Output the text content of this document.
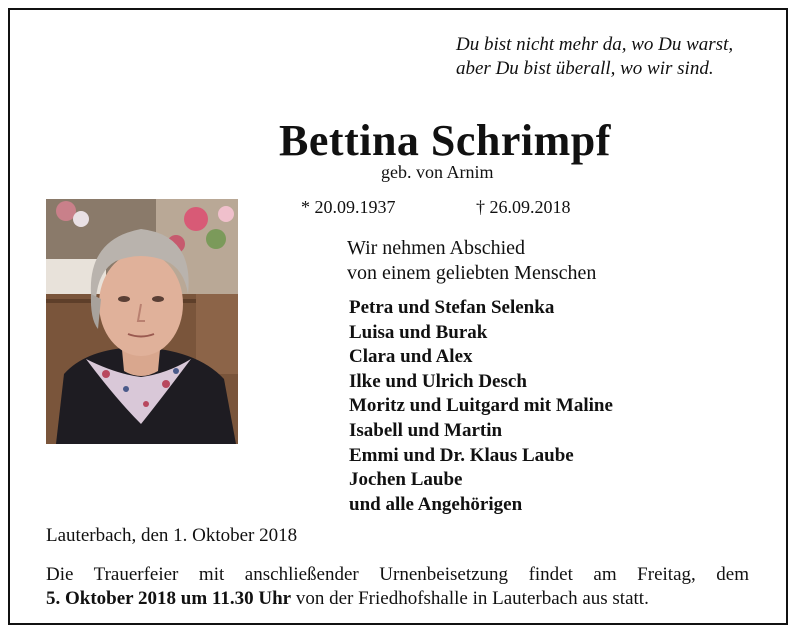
Du bist nicht mehr da, wo Du warst,
aber Du bist überall, wo wir sind.
Bettina Schrimpf
geb. von Arnim
* 20.09.1937	† 26.09.2018
Wir nehmen Abschied
von einem geliebten Menschen
Petra und Stefan Selenka
Luisa und Burak
Clara und Alex
Ilke und Ulrich Desch
Moritz und Luitgard mit Maline
Isabell und Martin
Emmi und Dr. Klaus Laube
Jochen Laube
und alle Angehörigen
Lauterbach, den 1. Oktober 2018
Die Trauerfeier mit anschließender Urnenbeisetzung findet am Freitag, dem
5. Oktober 2018 um 11.30 Uhr von der Friedhofshalle in Lauterbach aus statt.
